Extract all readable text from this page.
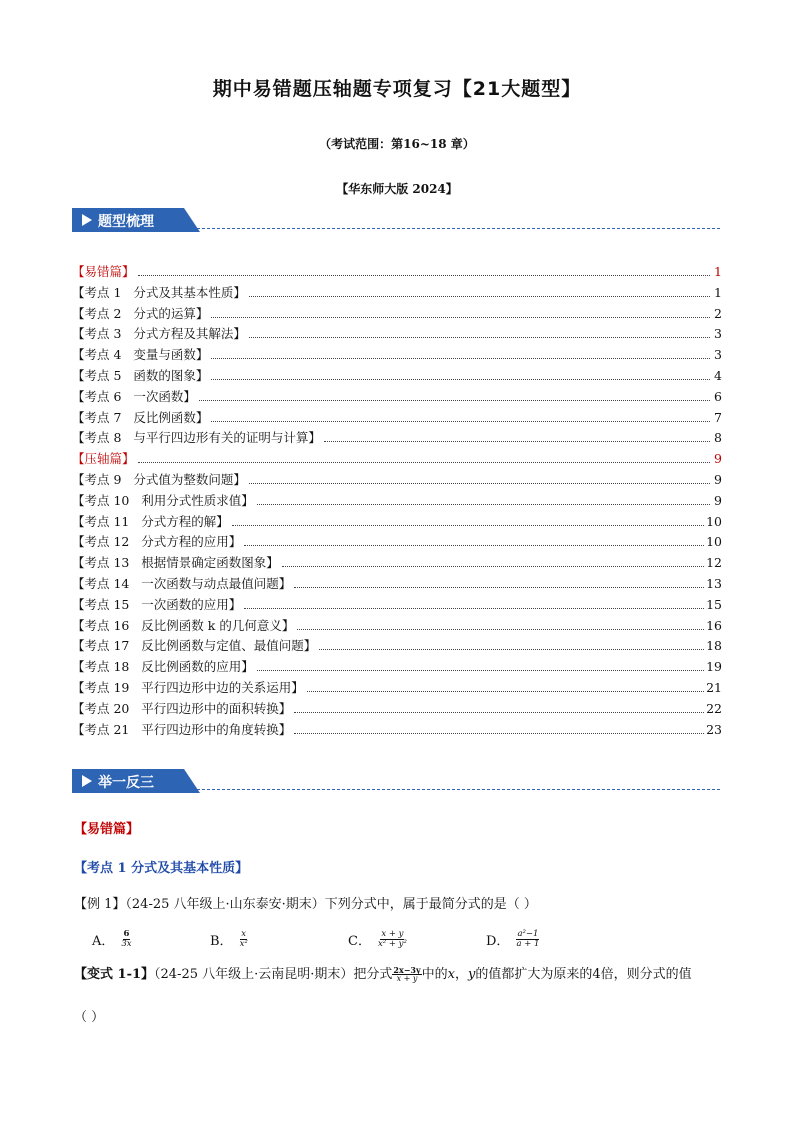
期中易错题压轴题专项复习【21大题型】
（考试范围：第16~18 章）
【华东师大版 2024】
题型梳理
【易错篇】	1
【考点 1   分式及其基本性质】	1
【考点 2   分式的运算】	2
【考点 3   分式方程及其解法】	3
【考点 4   变量与函数】	3
【考点 5   函数的图象】	4
【考点 6   一次函数】	6
【考点 7   反比例函数】	7
【考点 8   与平行四边形有关的证明与计算】	8
【压轴篇】	9
【考点 9   分式值为整数问题】	9
【考点 10   利用分式性质求值】	9
【考点 11   分式方程的解】	10
【考点 12   分式方程的应用】	10
【考点 13   根据情景确定函数图象】	12
【考点 14   一次函数与动点最值问题】	13
【考点 15   一次函数的应用】	15
【考点 16   反比例函数 k 的几何意义】	16
【考点 17   反比例函数与定值、最值问题】	18
【考点 18   反比例函数的应用】	19
【考点 19   平行四边形中边的关系运用】	21
【考点 20   平行四边形中的面积转换】	22
【考点 21   平行四边形中的角度转换】	23
举一反三
【易错篇】
【考点 1 分式及其基本性质】
【例 1】（24-25 八年级上·山东泰安·期末）下列分式中，属于最简分式的是（ ）
A． $\frac{6}{3x}$	B． $\frac{x}{\text{x²}}$	C． $\frac{x + y}{\text{x² + y²}}$	D． $\frac{\text{a²−1}}{a + 1}$
【变式 1-1】（24-25 八年级上·云南昆明·期末）把分式 $\frac{2x-3y}{x + y}$ 中的x，y的值都扩大为原来的4倍，则分式的值
（ ）
